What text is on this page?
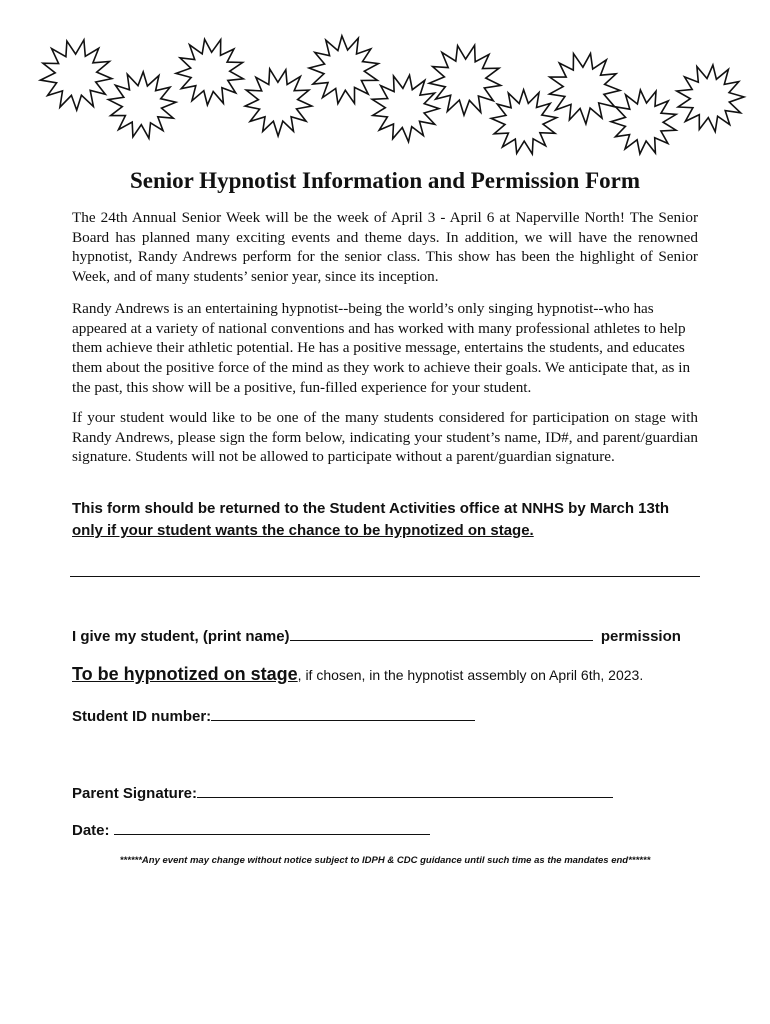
Senior Hypnotist Information and Permission Form

The 24th Annual Senior Week will be the week of April 3 - April 6 at Naperville North! The Senior Board has planned many exciting events and theme days. In addition, we will have the renowned hypnotist, Randy Andrews perform for the senior class. This show has been the highlight of Senior Week, and of many students’ senior year, since its inception.

Randy Andrews is an entertaining hypnotist--being the world’s only singing hypnotist--who has appeared at a variety of national conventions and has worked with many professional athletes to help them achieve their athletic potential. He has a positive message, entertains the students, and educates them about the positive force of the mind as they work to achieve their goals. We anticipate that, as in the past, this show will be a positive, fun-filled experience for your student.

If your student would like to be one of the many students considered for participation on stage with Randy Andrews, please sign the form below, indicating your student’s name, ID#, and parent/guardian signature. Students will not be allowed to participate without a parent/guardian signature.

This form should be returned to the Student Activities office at NNHS by March 13th
only if your student wants the chance to be hypnotized on stage.
I give my student, (print name)	permission
To be hypnotized on stage, if chosen, in the hypnotist assembly on April 6th, 2023.
Student ID number:
Parent Signature:
Date:

******Any event may change without notice subject to IDPH & CDC guidance until such time as the mandates end******
